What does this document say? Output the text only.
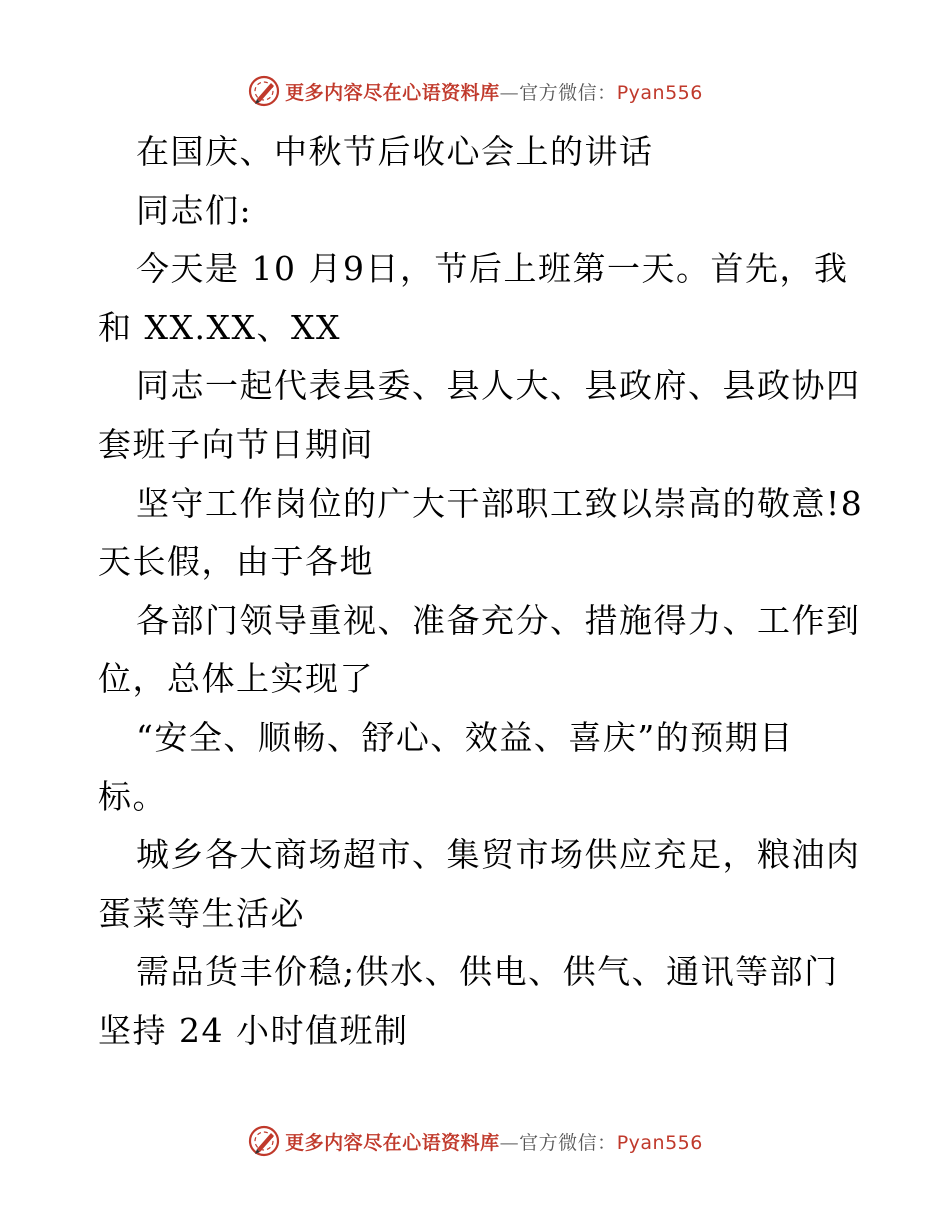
更多内容尽在心语资料库—官方微信：Pyan556
在国庆、中秋节后收心会上的讲话
同志们:
今天是 10 月9日，节后上班第一天。首先，我
和 XX.XX、XX
同志一起代表县委、县人大、县政府、县政协四
套班子向节日期间
坚守工作岗位的广大干部职工致以崇高的敬意!8
天长假，由于各地
各部门领导重视、准备充分、措施得力、工作到
位，总体上实现了
“安全、顺畅、舒心、效益、喜庆”的预期目
标。
城乡各大商场超市、集贸市场供应充足，粮油肉
蛋菜等生活必
需品货丰价稳;供水、供电、供气、通讯等部门
坚持 24 小时值班制
更多内容尽在心语资料库—官方微信：Pyan556
